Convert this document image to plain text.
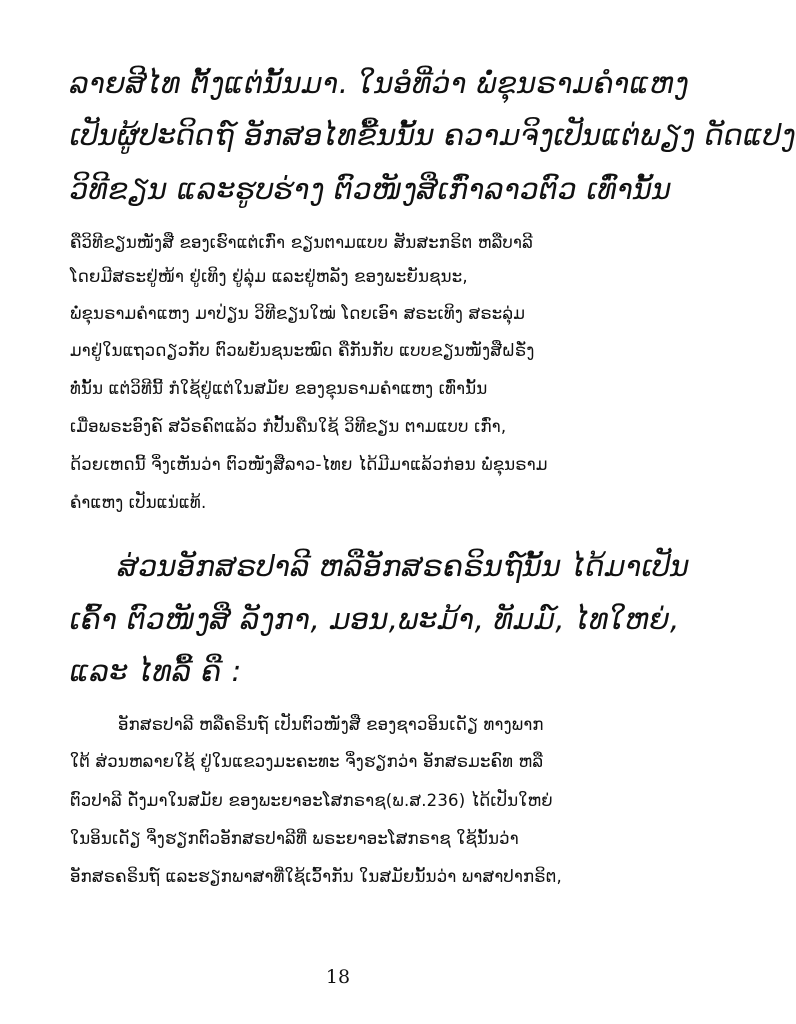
ລາຍສີໄທ ຕັ້ງແຕ່ນັ້ນມາ. ໃນອໍທີ່ວ່າ ພໍ່ຂຸນຣາມຄຳແຫງ
ເປັນຜູ້ປະດິດຖ໌ ອັກສອໄທຂື້ນນັ້ນ ຄວາມຈິງເປັນແຕ່ພຽງ ດັດແປງ
ວິທີຂຽນ ແລະຮູບຮ່າງ ຕົວໜັງສືເກົ່າລາວຕົວ ເທົ່ານັ້ນ
ຄືວິທີຂຽນໜັງສື ຂອງເຮົາແຕ່ເກົ່າ ຂຽນຕາມແບບ ສັນສະກຣິຕ ຫລືບາລີ
ໂດຍມີສຣະຢູ່ໜ້າ ຢູ່ເທິງ ຢູ່ລຸ່ມ ແລະຢູ່ຫລັງ ຂອງພະຍັນຊນະ,
ພໍ່ຂຸນຣາມຄຳແຫງ ມາປ່ຽນ ວິທີຂຽນໃໝ່ ໂດຍເອົາ ສຣະເທິງ ສຣະລຸ່ມ
ມາຢູ່ໃນແຖວດຽວກັບ ຕົວພຍັນຊນະໝົດ ຄືກັນກັບ ແບບຂຽນໜັງສືຝຣັ່ງ
ທໍ່ນັ້ນ ແຕ່ວິທີນີ້ ກໍໃຊ້ຢູ່ແຕ່ໃນສມັຍ ຂອງຂຸນຣາມຄຳແຫງ ເທົ່ານັ້ນ
ເມື່ອພຣະອົງຄ໌ ສວັຣຄົຕແລ້ວ ກໍປັ້ນຄືນໃຊ້ ວິທີຂຽນ ຕາມແບບ ເກົ່າ,
ດ້ວຍເຫດນີ້ ຈິ່ງເຫັນວ່າ ຕົວໜັງສືລາວ-ໄທຍ ໄດ້ມີມາແລ້ວກ່ອນ ພໍ່ຂຸນຣາມ
ຄຳແຫງ ເປັນແນ່ແທ້.
ສ່ວນອັກສຣປາລີ ຫລືອັກສຣຄຣິນຖ໌ນັ້ນ ໄດ້ມາເປັນ
ເຄົ້າ ຕົວໜັງສື ລັງກາ, ມອນ,ພະມ້າ, ທັມມ໌, ໄທໃຫຍ່,
ແລະ ໄທລື້ ຄື :
ອັກສຣປາລີ ຫລືຄຣິນຖ໌ ເປັນຕົວໜັງສື ຂອງຊາວອິນເດັຽ ທາງພາກ
ໃຕ້ ສ່ວນຫລາຍໃຊ້ ຢູ່ໃນແຂວງມະຄະທະ ຈິ່ງຮຽກວ່າ ອັກສຣມະຄົທ ຫລື
ຕົວປາລີ ດັ່ງມາໃນສມັຍ ຂອງພະຍາອະໂສກຣາຊ(ພ.ສ.236) ໄດ້ເປັນໃຫຍ່
ໃນອິນເດັຽ ຈິ່ງຮຽກຕົວອັກສຣປາລີທີ່ ພຣະຍາອະໂສກຣາຊ ໃຊ້ນັ້ນວ່າ
ອັກສຣຄຣິນຖ໌ ແລະຮຽກພາສາທີ່ໃຊ້ເວົ້າກັນ ໃນສມັຍນັ້ນວ່າ ພາສາປາກຣິຕ,
18
